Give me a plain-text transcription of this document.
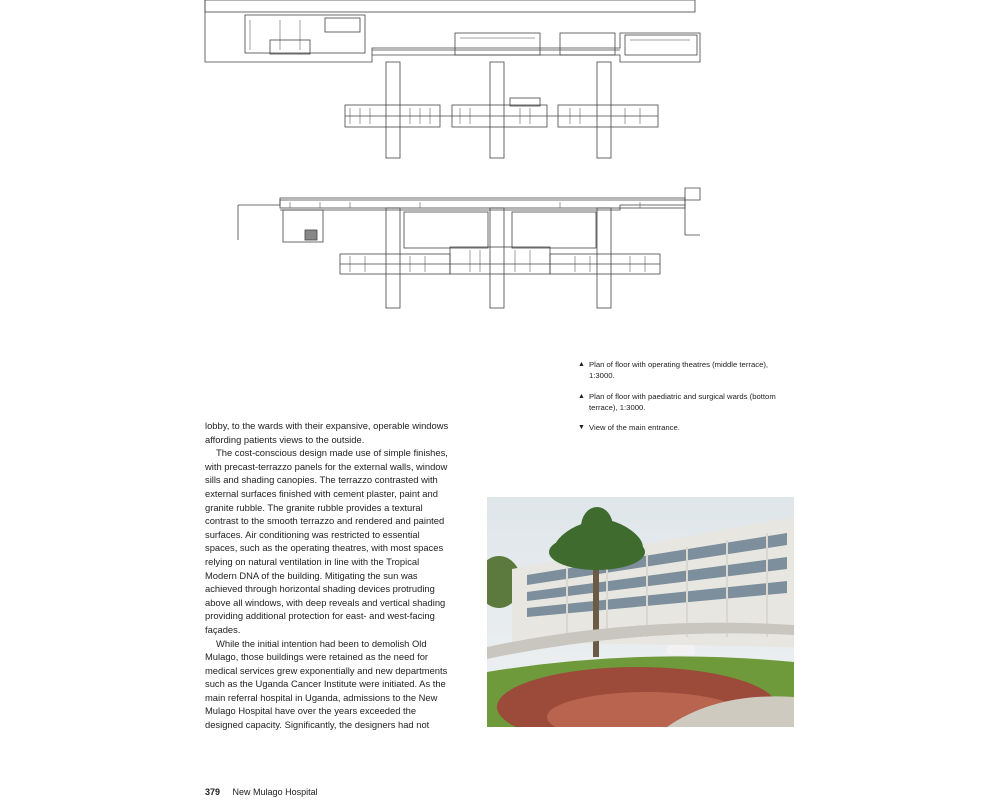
lobby, to the wards with their expansive, operable windows affording patients views to the outside.

The cost-conscious design made use of simple finishes, with precast-terrazzo panels for the external walls, window sills and shading canopies. The terrazzo contrasted with external surfaces finished with cement plaster, paint and granite rubble. The granite rubble provides a textural contrast to the smooth terrazzo and rendered and painted surfaces. Air conditioning was restricted to essential spaces, such as the operating theatres, with most spaces relying on natural ventilation in line with the Tropical Modern DNA of the building. Mitigating the sun was achieved through horizontal shading devices protruding above all windows, with deep reveals and vertical shading providing additional protection for east- and west-facing façades.

While the initial intention had been to demolish Old Mulago, those buildings were retained as the need for medical services grew exponentially and new departments such as the Uganda Cancer Institute were initiated. As the main referral hospital in Uganda, admissions to the New Mulago Hospital have over the years exceeded the designed capacity. Significantly, the designers had not

▲ Plan of floor with operating theatres (middle terrace), 1:3000.
▲ Plan of floor with paediatric and surgical wards (bottom terrace), 1:3000.
▼ View of the main entrance.
379 New Mulago Hospital
